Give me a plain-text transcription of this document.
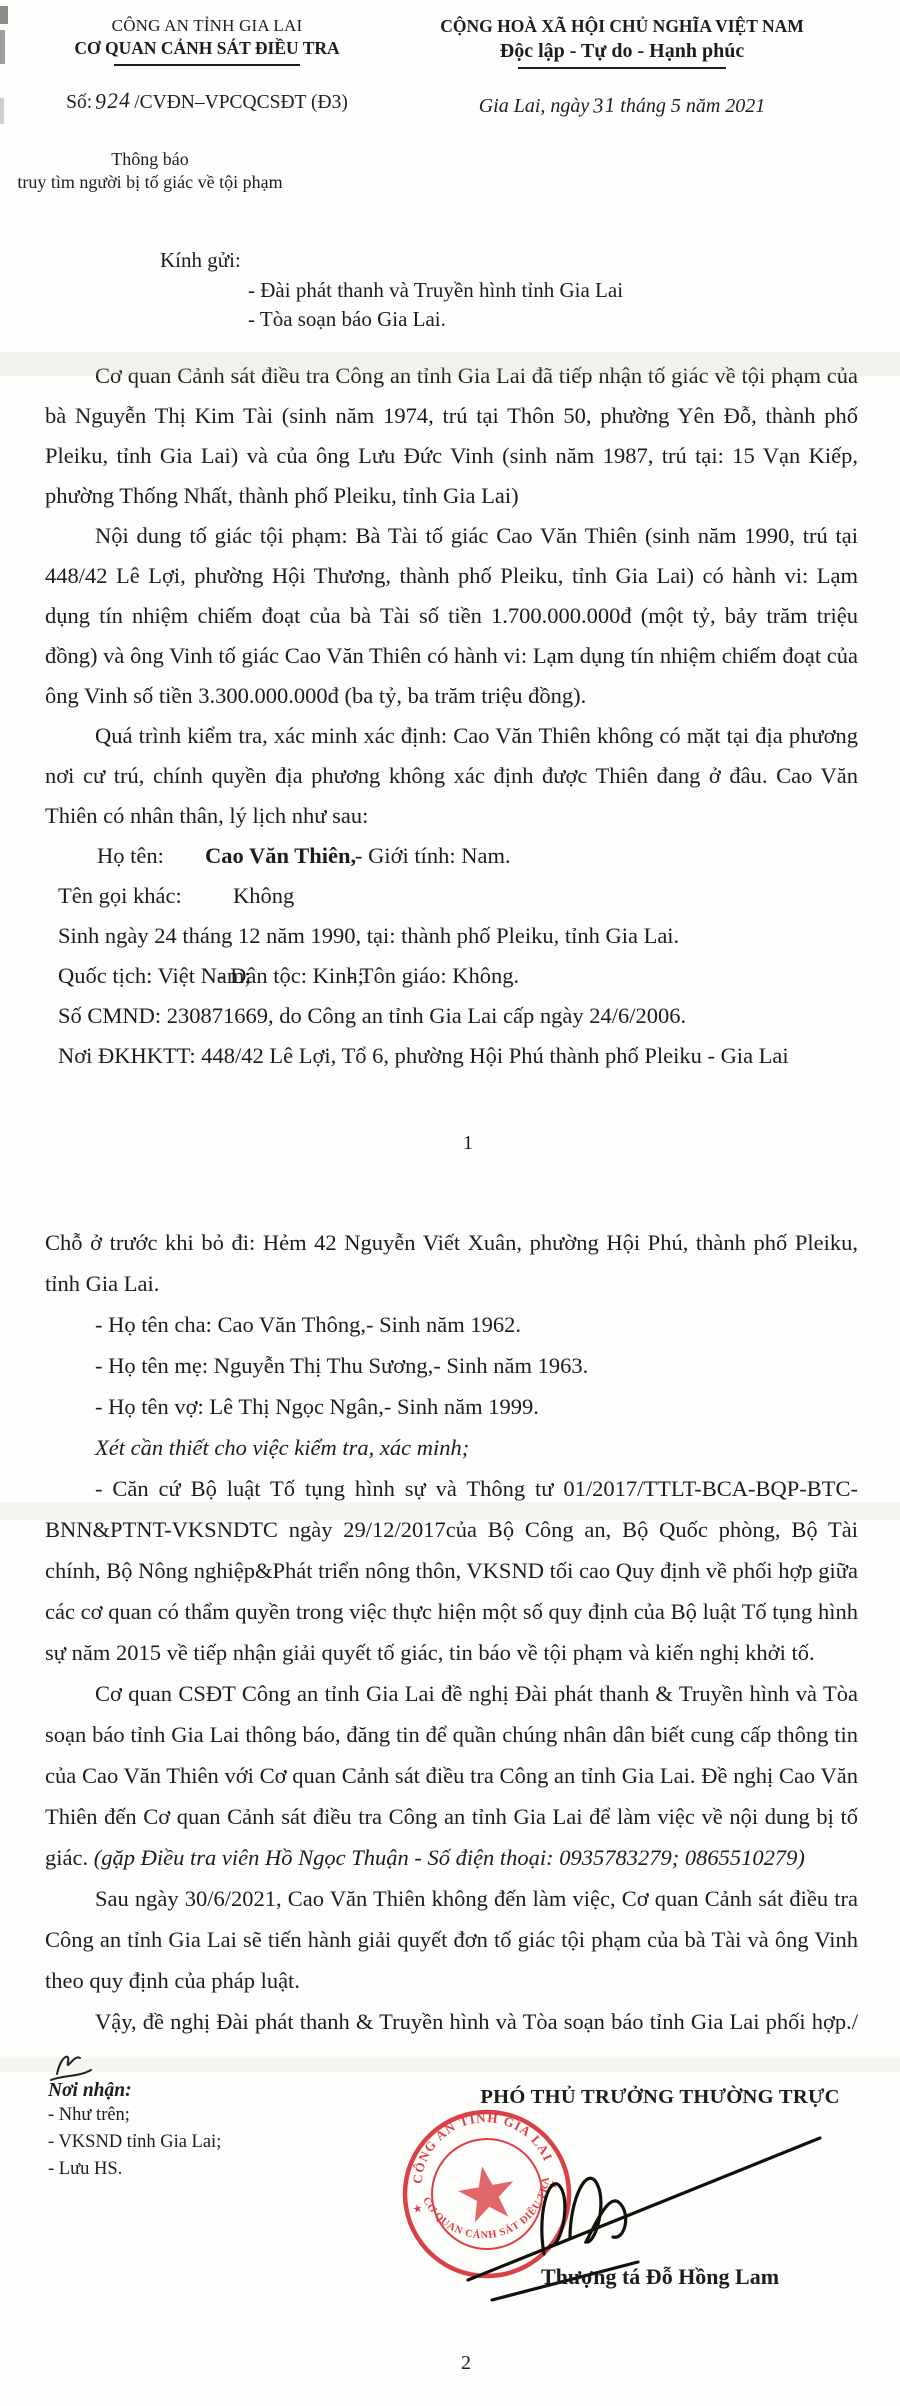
CÔNG AN TỈNH GIA LAI
CƠ QUAN CẢNH SÁT ĐIỀU TRA
Số: 924 /CVĐN–VPCQCSĐT (Đ3)
CỘNG HOÀ XÃ HỘI CHỦ NGHĨA VIỆT NAM
Độc lập - Tự do - Hạnh phúc
Gia Lai, ngày 31 tháng 5 năm 2021
Thông báo
truy tìm người bị tố giác về tội phạm
Kính gửi:
- Đài phát thanh và Truyền hình tỉnh Gia Lai
- Tòa soạn báo Gia Lai.

Cơ quan Cảnh sát điều tra Công an tỉnh Gia Lai đã tiếp nhận tố giác về tội phạm của bà Nguyễn Thị Kim Tài (sinh năm 1974, trú tại Thôn 50, phường Yên Đỗ, thành phố Pleiku, tỉnh Gia Lai) và của ông Lưu Đức Vinh (sinh năm 1987, trú tại: 15 Vạn Kiếp, phường Thống Nhất, thành phố Pleiku, tỉnh Gia Lai)

Nội dung tố giác tội phạm: Bà Tài tố giác Cao Văn Thiên (sinh năm 1990, trú tại 448/42 Lê Lợi, phường Hội Thương, thành phố Pleiku, tỉnh Gia Lai) có hành vi: Lạm dụng tín nhiệm chiếm đoạt của bà Tài số tiền 1.700.000.000đ (một tỷ, bảy trăm triệu đồng) và ông Vinh tố giác Cao Văn Thiên có hành vi: Lạm dụng tín nhiệm chiếm đoạt của ông Vinh số tiền 3.300.000.000đ (ba tỷ, ba trăm triệu đồng).

Quá trình kiểm tra, xác minh xác định: Cao Văn Thiên không có mặt tại địa phương nơi cư trú, chính quyền địa phương không xác định được Thiên đang ở đâu. Cao Văn Thiên có nhân thân, lý lịch như sau:

Họ tên: Cao Văn Thiên,- Giới tính: Nam.
Tên gọi khác: Không
Sinh ngày 24 tháng 12 năm 1990, tại: thành phố Pleiku, tỉnh Gia Lai.
Quốc tịch: Việt Nam;- Dân tộc: Kinh;- Tôn giáo: Không.
Số CMND: 230871669, do Công an tỉnh Gia Lai cấp ngày 24/6/2006.
Nơi ĐKHKTT: 448/42 Lê Lợi, Tổ 6, phường Hội Phú thành phố Pleiku - Gia Lai
1

Chỗ ở trước khi bỏ đi: Hẻm 42 Nguyễn Viết Xuân, phường Hội Phú, thành phố Pleiku, tỉnh Gia Lai.

- Họ tên cha: Cao Văn Thông,- Sinh năm 1962.
- Họ tên mẹ: Nguyễn Thị Thu Sương,- Sinh năm 1963.
- Họ tên vợ: Lê Thị Ngọc Ngân,- Sinh năm 1999.
Xét cần thiết cho việc kiểm tra, xác minh;

- Căn cứ Bộ luật Tố tụng hình sự và Thông tư 01/2017/TTLT-BCA-BQP-BTC-BNN&PTNT-VKSNDTC ngày 29/12/2017của Bộ Công an, Bộ Quốc phòng, Bộ Tài chính, Bộ Nông nghiệp&Phát triển nông thôn, VKSND tối cao Quy định về phối hợp giữa các cơ quan có thẩm quyền trong việc thực hiện một số quy định của Bộ luật Tố tụng hình sự năm 2015 về tiếp nhận giải quyết tố giác, tin báo về tội phạm và kiến nghị khởi tố.

Cơ quan CSĐT Công an tỉnh Gia Lai đề nghị Đài phát thanh & Truyền hình và Tòa soạn báo tỉnh Gia Lai thông báo, đăng tin để quần chúng nhân dân biết cung cấp thông tin của Cao Văn Thiên với Cơ quan Cảnh sát điều tra Công an tỉnh Gia Lai. Đề nghị Cao Văn Thiên đến Cơ quan Cảnh sát điều tra Công an tỉnh Gia Lai để làm việc về nội dung bị tố giác. (gặp Điều tra viên Hồ Ngọc Thuận - Số điện thoại: 0935783279; 0865510279)

Sau ngày 30/6/2021, Cao Văn Thiên không đến làm việc, Cơ quan Cảnh sát điều tra Công an tỉnh Gia Lai sẽ tiến hành giải quyết đơn tố giác tội phạm của bà Tài và ông Vinh theo quy định của pháp luật.

Vậy, đề nghị Đài phát thanh & Truyền hình và Tòa soạn báo tỉnh Gia Lai phối hợp./

Nơi nhận:
- Như trên;
- VKSND tỉnh Gia Lai;
- Lưu HS.
PHÓ THỦ TRƯỞNG THƯỜNG TRỰC
CÔNG AN TỈNH GIA LAI
CƠ QUAN CẢNH SÁT ĐIỀU TRA
★
★
Thượng tá Đỗ Hồng Lam
2
